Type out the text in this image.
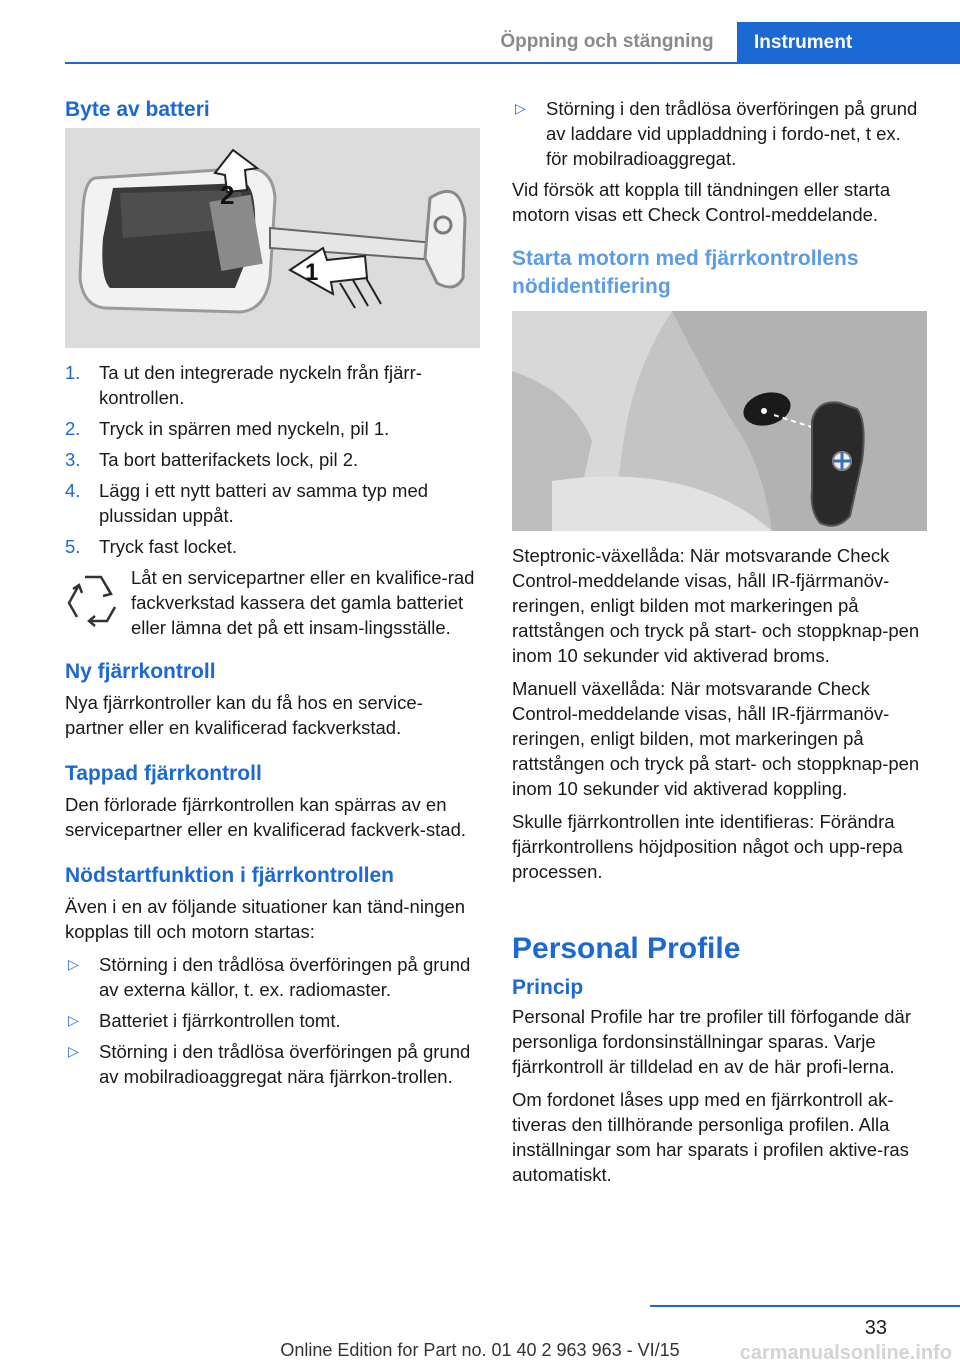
Öppning och stängning	Instrument
Byte av batteri
2
1
1. Ta ut den integrerade nyckeln från fjärr-kontrollen.
2. Tryck in spärren med nyckeln, pil 1.
3. Ta bort batterifackets lock, pil 2.
4. Lägg i ett nytt batteri av samma typ med plussidan uppåt.
5. Tryck fast locket.
Låt en servicepartner eller en kvalifice-rad fackverkstad kassera det gamla batteriet eller lämna det på ett insam-lingsställe.
Ny fjärrkontroll

Nya fjärrkontroller kan du få hos en service-partner eller en kvalificerad fackverkstad.

Tappad fjärrkontroll

Den förlorade fjärrkontrollen kan spärras av en servicepartner eller en kvalificerad fackverk-stad.

Nödstartfunktion i fjärrkontrollen

Även i en av följande situationer kan tänd-ningen kopplas till och motorn startas:

▷ Störning i den trådlösa överföringen på grund av externa källor, t. ex. radiomaster.
▷ Batteriet i fjärrkontrollen tomt.
▷ Störning i den trådlösa överföringen på grund av mobilradioaggregat nära fjärrkon-trollen.
▷ Störning i den trådlösa överföringen på grund av laddare vid uppladdning i fordo-net, t ex. för mobilradioaggregat.

Vid försök att koppla till tändningen eller starta motorn visas ett Check Control-meddelande.

Starta motorn med fjärrkontrollens nödidentifiering

Steptronic-växellåda: När motsvarande Check Control-meddelande visas, håll IR-fjärrmanöv-reringen, enligt bilden mot markeringen på rattstången och tryck på start- och stoppknap-pen inom 10 sekunder vid aktiverad broms.

Manuell växellåda: När motsvarande Check Control-meddelande visas, håll IR-fjärrmanöv-reringen, enligt bilden, mot markeringen på rattstången och tryck på start- och stoppknap-pen inom 10 sekunder vid aktiverad koppling.

Skulle fjärrkontrollen inte identifieras: Förändra fjärrkontrollens höjdposition något och upp-repa processen.

Personal Profile
Princip

Personal Profile har tre profiler till förfogande där personliga fordonsinställningar sparas. Varje fjärrkontroll är tilldelad en av de här profi-lerna.

Om fordonet låses upp med en fjärrkontroll ak-tiveras den tillhörande personliga profilen. Alla inställningar som har sparats i profilen aktive-ras automatiskt.

33
Online Edition for Part no. 01 40 2 963 963 - VI/15	carmanualsonline.info
